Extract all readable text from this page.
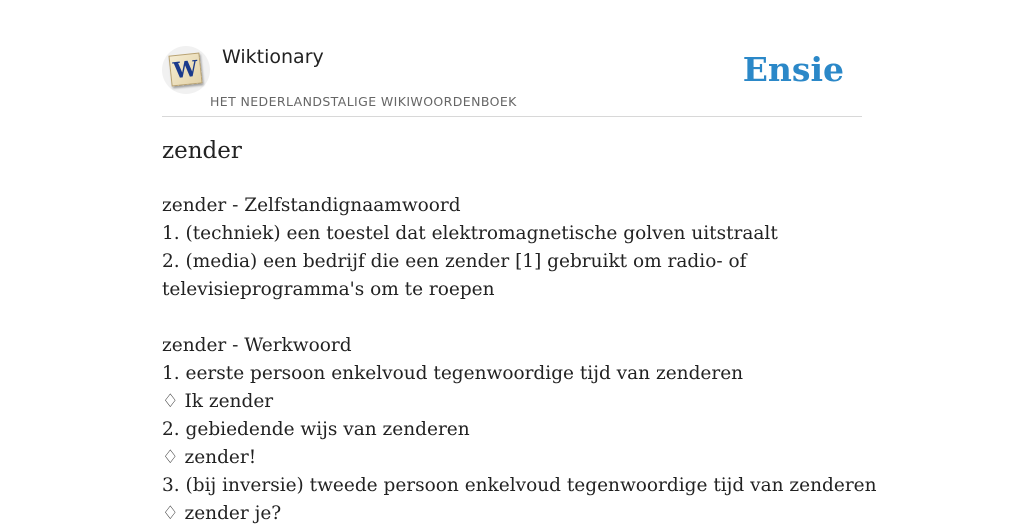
W Wiktionary
HET NEDERLANDSTALIGE WIKIWOORDENBOEK
Ensie
zender
zender - Zelfstandignaamwoord
1. (techniek) een toestel dat elektromagnetische golven uitstraalt
2. (media) een bedrijf die een zender [1] gebruikt om radio- of televisieprogramma's om te roepen
zender - Werkwoord
1. eerste persoon enkelvoud tegenwoordige tijd van zenderen
♢ Ik zender
2. gebiedende wijs van zenderen
♢ zender!
3. (bij inversie) tweede persoon enkelvoud tegenwoordige tijd van zenderen
♢ zender je?
